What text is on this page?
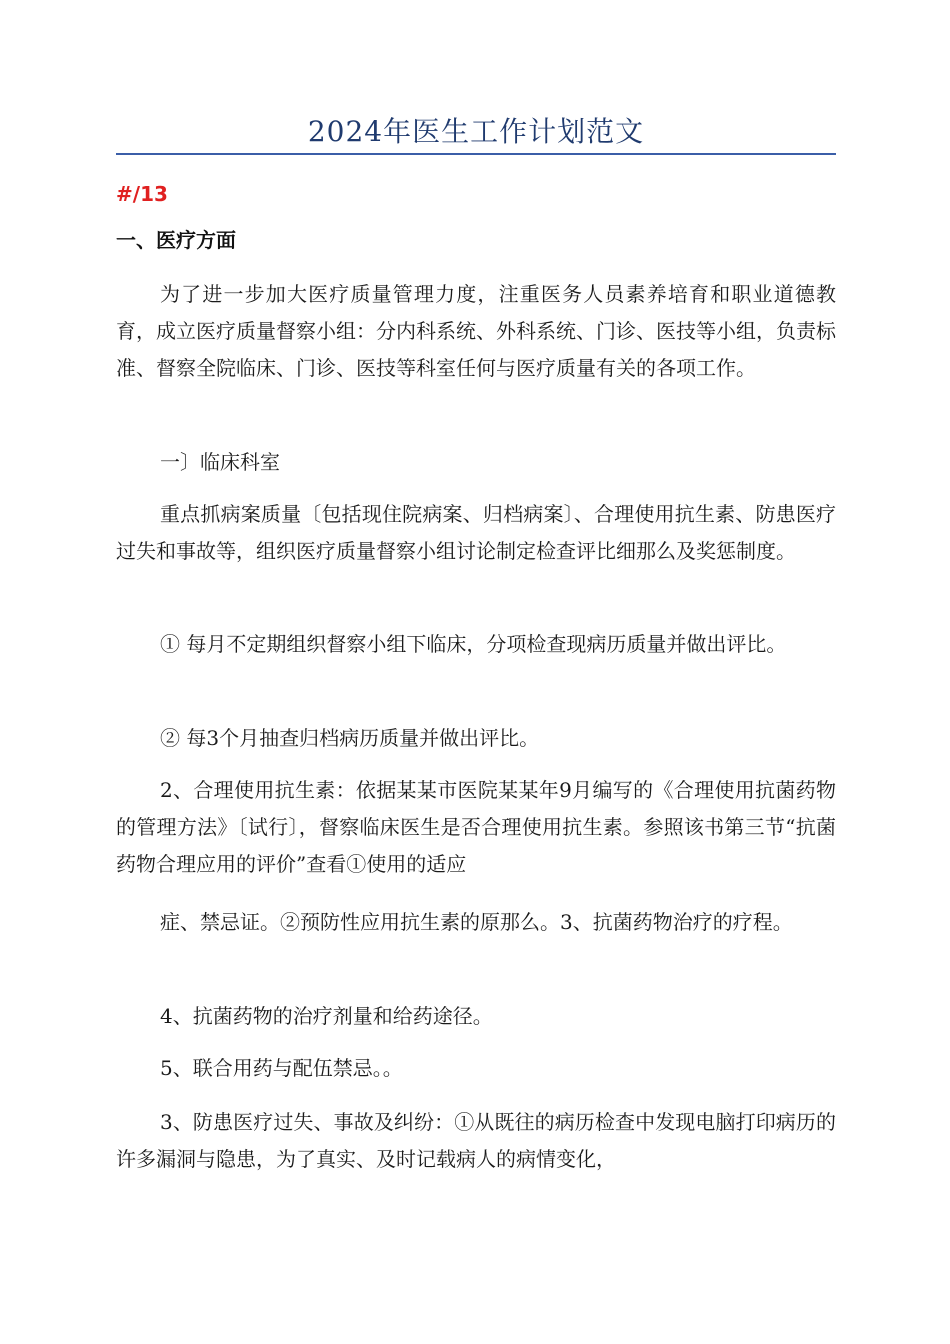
2024年医生工作计划范文
#/13
一、医疗方面

为了进一步加大医疗质量管理力度，注重医务人员素养培育和职业道德教育，成立医疗质量督察小组：分内科系统、外科系统、门诊、医技等小组，负责标准、督察全院临床、门诊、医技等科室任何与医疗质量有关的各项工作。

一〕临床科室

重点抓病案质量〔包括现住院病案、归档病案〕、合理使用抗生素、防患医疗过失和事故等，组织医疗质量督察小组讨论制定检查评比细那么及奖惩制度。

① 每月不定期组织督察小组下临床，分项检查现病历质量并做出评比。

② 每3个月抽查归档病历质量并做出评比。

2、合理使用抗生素：依据某某市医院某某年9月编写的《合理使用抗菌药物的管理方法》〔试行〕，督察临床医生是否合理使用抗生素。参照该书第三节“抗菌药物合理应用的评价”查看①使用的适应

症、禁忌证。②预防性应用抗生素的原那么。3、抗菌药物治疗的疗程。

4、抗菌药物的治疗剂量和给药途径。

5、联合用药与配伍禁忌。。

3、防患医疗过失、事故及纠纷：①从既往的病历检查中发现电脑打印病历的许多漏洞与隐患，为了真实、及时记载病人的病情变化，
